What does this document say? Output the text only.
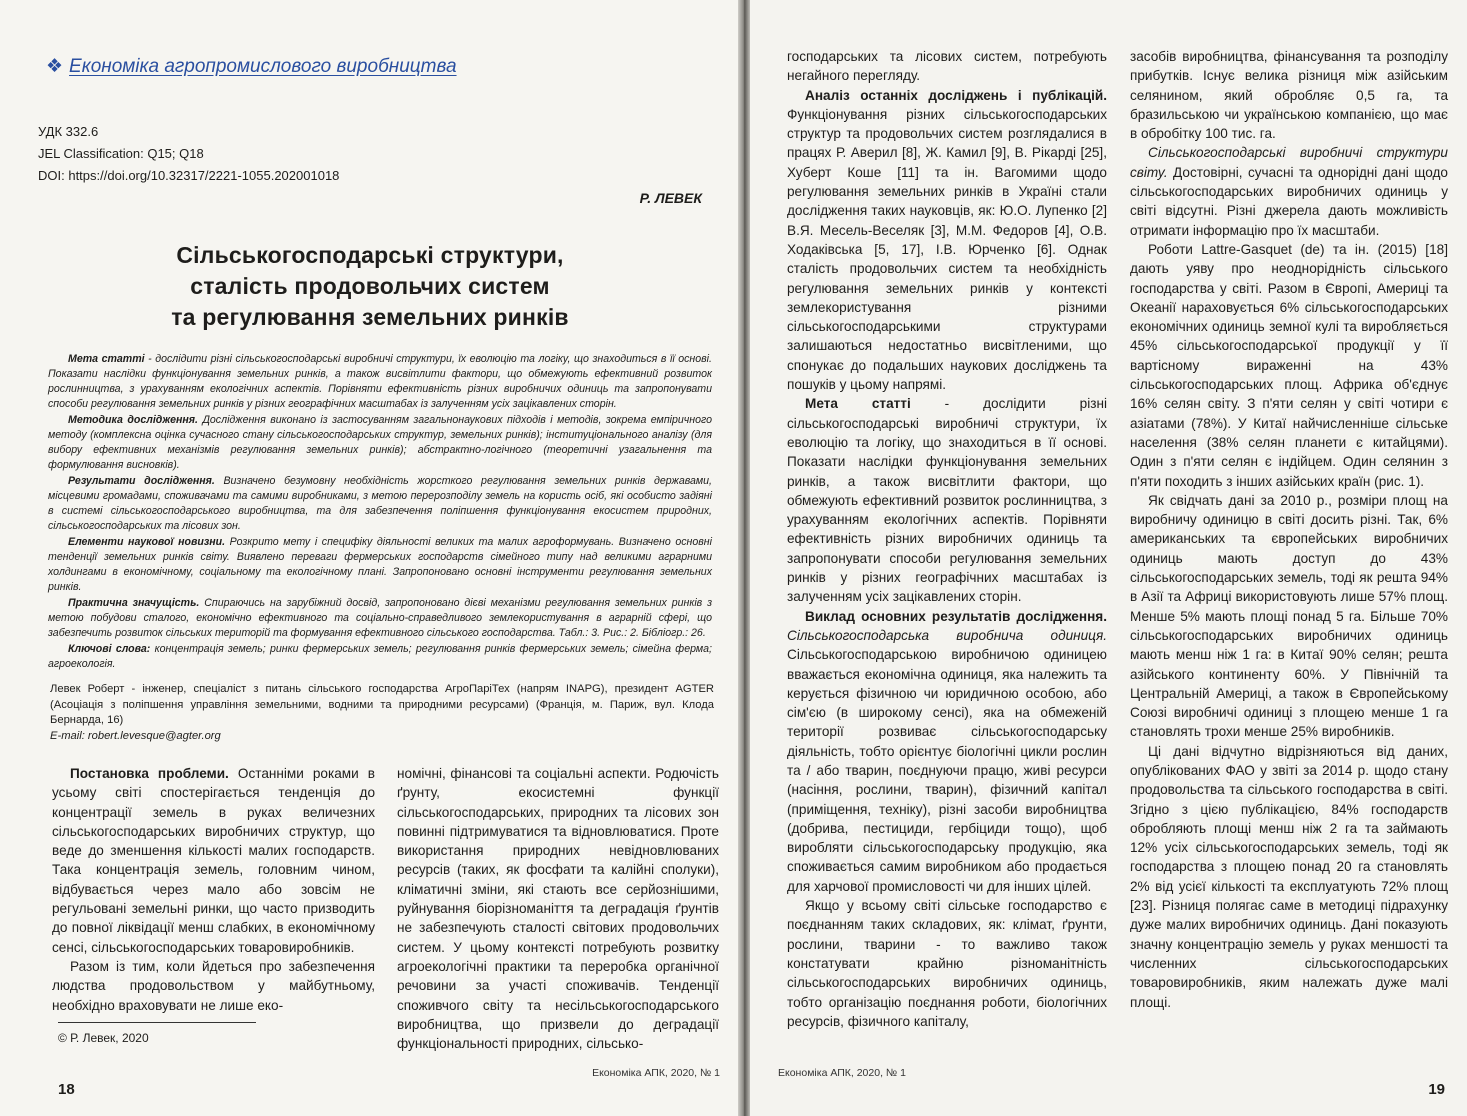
❖ Економіка агропромислового виробництва
УДК 332.6
JEL Classification: Q15; Q18
DOI: https://doi.org/10.32317/2221-1055.202001018
Р. ЛЕВЕК
Сільськогосподарські структури,
сталість продовольчих систем
та регулювання земельних ринків

Мета статті - дослідити різні сільськогосподарські виробничі структури, їх еволюцію та логіку, що знаходиться в її основі. Показати наслідки функціонування земельних ринків, а також висвітлити фактори, що обмежують ефективний розвиток рослинництва, з урахуванням екологічних аспектів. Порівняти ефективність різних виробничих одиниць та запропонувати способи регулювання земельних ринків у різних географічних масштабах із залученням усіх зацікавлених сторін.

Методика дослідження. Дослідження виконано із застосуванням загальнонаукових підходів і методів, зокрема емпіричного методу (комплексна оцінка сучасного стану сільськогосподарських структур, земельних ринків); інституціонального аналізу (для вибору ефективних механізмів регулювання земельних ринків); абстрактно-логічного (теоретичні узагальнення та формулювання висновків).

Результати дослідження. Визначено безумовну необхідність жорсткого регулювання земельних ринків державами, місцевими громадами, споживачами та самими виробниками, з метою перерозподілу земель на користь осіб, які особисто задіяні в системі сільськогосподарського виробництва, та для забезпечення поліпшення функціонування екосистем природних, сільськогосподарських та лісових зон.

Елементи наукової новизни. Розкрито мету і специфіку діяльності великих та малих агроформувань. Визначено основні тенденції земельних ринків світу. Виявлено переваги фермерських господарств сімейного типу над великими аграрними холдингами в економічному, соціальному та екологічному плані. Запропоновано основні інструменти регулювання земельних ринків.

Практична значущість. Спираючись на зарубіжний досвід, запропоновано дієві механізми регулювання земельних ринків з метою побудови сталого, економічно ефективного та соціально-справедливого землекористування в аграрній сфері, що забезпечить розвиток сільських територій та формування ефективного сільського господарства. Табл.: 3. Рис.: 2. Бібліогр.: 26.

Ключові слова: концентрація земель; ринки фермерських земель; регулювання ринків фермерських земель; сімейна ферма; агроекологія.

Левек Роберт - інженер, спеціаліст з питань сільського господарства АгроПаріТех (напрям INAPG), президент AGTER (Асоціація з поліпшення управління земельними, водними та природними ресурсами) (Франція, м. Париж, вул. Клода Бернарда, 16)

E-mail: robert.levesque@agter.org

Постановка проблеми. Останніми роками в усьому світі спостерігається тенденція до концентрації земель в руках величезних сільськогосподарських виробничих структур, що веде до зменшення кількості малих господарств. Така концентрація земель, головним чином, відбувається через мало або зовсім не регульовані земельні ринки, що часто призводить до повної ліквідації менш слабких, в економічному сенсі, сільськогосподарських товаровиробників.

Разом із тим, коли йдеться про забезпечення людства продовольством у майбутньому, необхідно враховувати не лише еко-

номічні, фінансові та соціальні аспекти. Родючість ґрунту, екосистемні функції сільськогосподарських, природних та лісових зон повинні підтримуватися та відновлюватися. Проте використання природних невідновлюваних ресурсів (таких, як фосфати та калійні сполуки), кліматичні зміни, які стають все серйознішими, руйнування біорізноманіття та деградація ґрунтів не забезпечують сталості світових продовольчих систем. У цьому контексті потребують розвитку агроекологічні практики та переробка органічної речовини за участі споживачів. Тенденції споживчого світу та несільськогосподарського виробництва, що призвели до деградації функціональності природних, сільсько-

© Р. Левек, 2020
18
Економіка АПК, 2020, № 1

господарських та лісових систем, потребують негайного перегляду.

Аналіз останніх досліджень і публікацій. Функціонування різних сільськогосподарських структур та продовольчих систем розглядалися в працях Р. Аверил [8], Ж. Камил [9], В. Рікарді [25], Хуберт Коше [11] та ін. Вагомими щодо регулювання земельних ринків в Україні стали дослідження таких науковців, як: Ю.О. Лупенко [2] В.Я. Месель-Веселяк [3], М.М. Федоров [4], О.В. Ходаківська [5, 17], І.В. Юрченко [6]. Однак сталість продовольчих систем та необхідність регулювання земельних ринків у контексті землекористування різними сільськогосподарськими структурами залишаються недостатньо висвітленими, що спонукає до подальших наукових досліджень та пошуків у цьому напрямі.

Мета статті - дослідити різні сільськогосподарські виробничі структури, їх еволюцію та логіку, що знаходиться в її основі. Показати наслідки функціонування земельних ринків, а також висвітлити фактори, що обмежують ефективний розвиток рослинництва, з урахуванням екологічних аспектів. Порівняти ефективність різних виробничих одиниць та запропонувати способи регулювання земельних ринків у різних географічних масштабах із залученням усіх зацікавлених сторін.

Виклад основних результатів дослідження. Сільськогосподарська виробнича одиниця. Сільськогосподарською виробничою одиницею вважається економічна одиниця, яка належить та керується фізичною чи юридичною особою, або сім'єю (в широкому сенсі), яка на обмеженій території розвиває сільськогосподарську діяльність, тобто орієнтує біологічні цикли рослин та / або тварин, поєднуючи працю, живі ресурси (насіння, рослини, тварин), фізичний капітал (приміщення, техніку), різні засоби виробництва (добрива, пестициди, гербіциди тощо), щоб виробляти сільськогосподарську продукцію, яка споживається самим виробником або продається для харчової промисловості чи для інших цілей.

Якщо у всьому світі сільське господарство є поєднанням таких складових, як: клімат, ґрунти, рослини, тварини - то важливо також констатувати крайню різноманітність сільськогосподарських виробничих одиниць, тобто організацію поєднання роботи, біологічних ресурсів, фізичного капіталу,

засобів виробництва, фінансування та розподілу прибутків. Існує велика різниця між азійським селянином, який обробляє 0,5 га, та бразильською чи українською компанією, що має в обробітку 100 тис. га.

Сільськогосподарські виробничі структури світу. Достовірні, сучасні та однорідні дані щодо сільськогосподарських виробничих одиниць у світі відсутні. Різні джерела дають можливість отримати інформацію про їх масштаби.

Роботи Lattre-Gasquet (de) та ін. (2015) [18] дають уяву про неоднорідність сільського господарства у світі. Разом в Європі, Америці та Океанії нараховується 6% сільськогосподарських економічних одиниць земної кулі та виробляється 45% сільськогосподарської продукції у її вартісному вираженні на 43% сільськогосподарських площ. Африка об'єднує 16% селян світу. З п'яти селян у світі чотири є азіатами (78%). У Китаї найчисленніше сільське населення (38% селян планети є китайцями). Один з п'яти селян є індійцем. Один селянин з п'яти походить з інших азійських країн (рис. 1).

Як свідчать дані за 2010 р., розміри площ на виробничу одиницю в світі досить різні. Так, 6% американських та європейських виробничих одиниць мають доступ до 43% сільськогосподарських земель, тоді як решта 94% в Азії та Африці використовують лише 57% площ. Менше 5% мають площі понад 5 га. Більше 70% сільськогосподарських виробничих одиниць мають менш ніж 1 га: в Китаї 90% селян; решта азійського континенту 60%. У Північній та Центральній Америці, а також в Європейському Союзі виробничі одиниці з площею менше 1 га становлять трохи менше 25% виробників.

Ці дані відчутно відрізняються від даних, опублікованих ФАО у звіті за 2014 р. щодо стану продовольства та сільського господарства в світі. Згідно з цією публікацією, 84% господарств обробляють площі менш ніж 2 га та займають 12% усіх сільськогосподарських земель, тоді як господарства з площею понад 20 га становлять 2% від усієї кількості та експлуатують 72% площ [23]. Різниця полягає саме в методиці підрахунку дуже малих виробничих одиниць. Дані показують значну концентрацію земель у руках меншості та численних сільськогосподарських товаровиробників, яким належать дуже малі площі.

Економіка АПК, 2020, № 1
19
